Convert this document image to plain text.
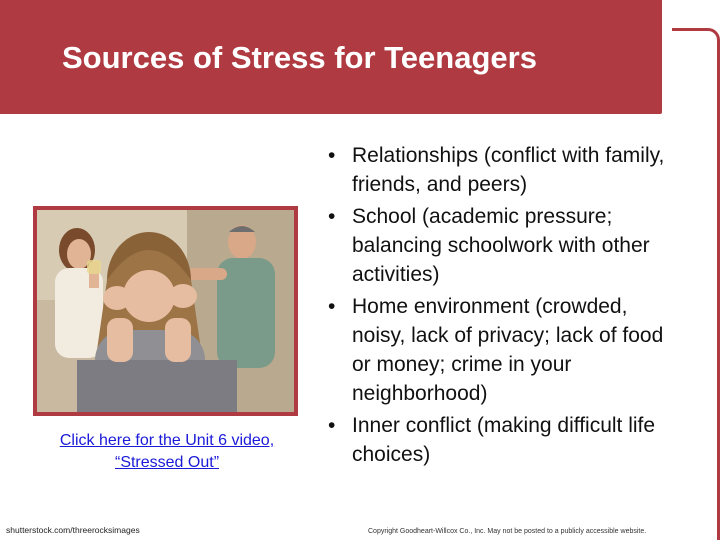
Sources of Stress for Teenagers
Click here for the Unit 6 video,
“Stressed Out”
shutterstock.com/threerocksimages
• Relationships (conflict with family, friends, and peers)
• School (academic pressure; balancing schoolwork with other activities)
• Home environment (crowded, noisy, lack of privacy; lack of food or money; crime in your neighborhood)
• Inner conflict (making difficult life choices)
Copyright Goodheart-Willcox Co., Inc. May not be posted to a publicly accessible website.
